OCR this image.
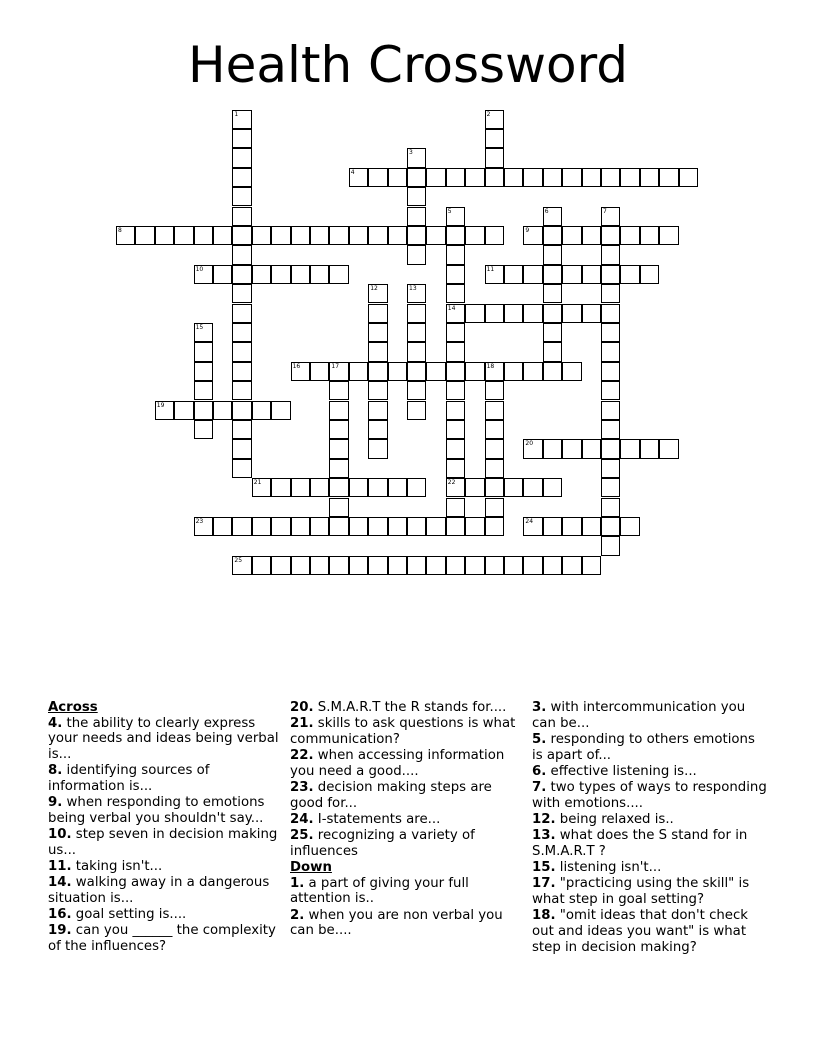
Health Crossword
1	2
3
4
5
14
22
6	7
8	9
10	11
12	13
15
16	17	18
19
20
21
23	24
25
Across
4. the ability to clearly express your needs and ideas being verbal is...
8. identifying sources of information is...
9. when responding to emotions being verbal you shouldn't say...
10. step seven in decision making us...
11. taking isn't...
14. walking away in a dangerous situation is...
16. goal setting is....
19. can you ______ the complexity of the influences?
20. S.M.A.R.T the R stands for....
21. skills to ask questions is what communication?
22. when accessing information you need a good....
23. decision making steps are good for...
24. I-statements are...
25. recognizing a variety of influences
Down
1. a part of giving your full attention is..
2. when you are non verbal you can be....
3. with intercommunication you can be...
5. responding to others emotions is apart of...
6. effective listening is...
7. two types of ways to responding with emotions....
12. being relaxed is..
13. what does the S stand for in S.M.A.R.T ?
15. listening isn't...
17. "practicing using the skill" is what step in goal setting?
18. "omit ideas that don't check out and ideas you want" is what step in decision making?
